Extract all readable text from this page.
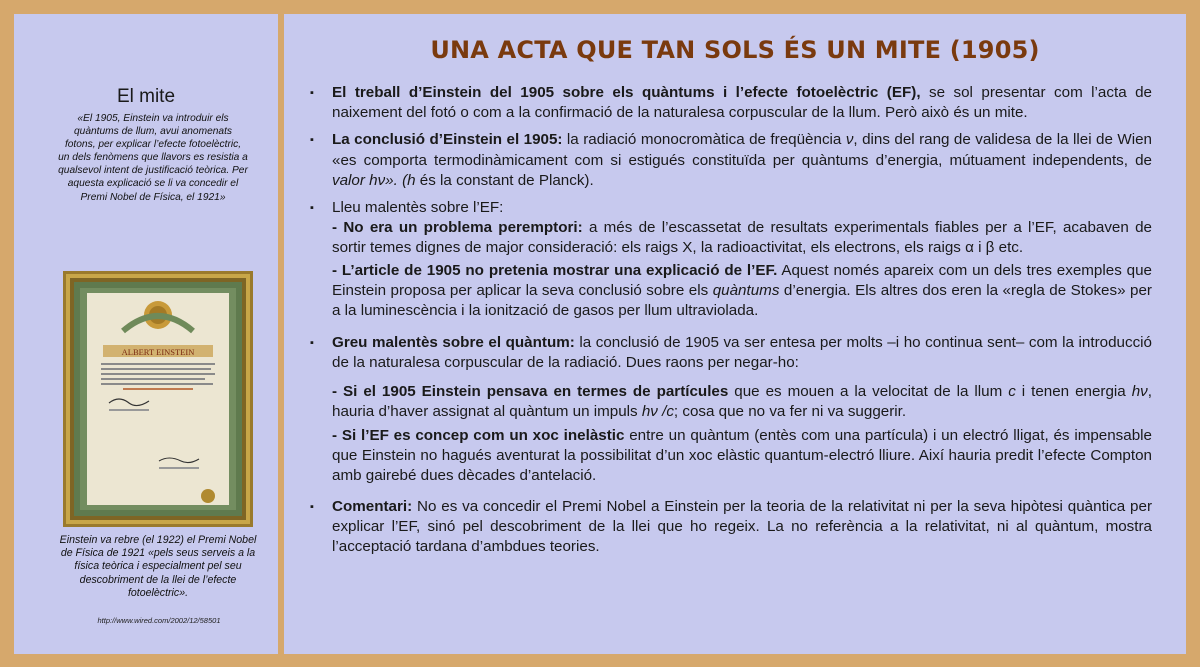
El mite
«El 1905, Einstein va introduir els quàntums de llum, avui anomenats fotons, per explicar l’efecte fotoelèctric, un dels fenòmens que llavors es resistia a qualsevol intent de justificació teòrica. Per aquesta explicació se li va concedir el Premi Nobel de Física, el 1921»
ALBERT EINSTEIN
Einstein va rebre (el 1922) el Premi Nobel de Física de 1921 «pels seus serveis a la física teòrica i especialment pel seu descobriment de la llei de l’efecte fotoelèctric».
http://www.wired.com/2002/12/58501
UNA ACTA QUE TAN SOLS ÉS UN MITE (1905)
▪ El treball d’Einstein del 1905 sobre els quàntums i l’efecte fotoelèctric (EF), se sol presentar com l’acta de naixement del fotó o com a la confirmació de la naturalesa corpuscular de la llum. Però això és un mite.

▪ La conclusió d’Einstein el 1905: la radiació monocromàtica de freqüència ν, dins del rang de validesa de la llei de Wien «es comporta termodinàmicament com si estigués constituïda per quàntums d’energia, mútuament independents, de valor hν». (h és la constant de Planck).

▪ Lleu malentès sobre l’EF:

- No era un problema peremptori: a més de l’escassetat de resultats experimentals fiables per a l’EF, acabaven de sortir temes dignes de major consideració: els raigs X, la radioactivitat, els electrons, els raigs α i β etc.

- L’article de 1905 no pretenia mostrar una explicació de l’EF. Aquest només apareix com un dels tres exemples que Einstein proposa per aplicar la seva conclusió sobre els quàntums d’energia. Els altres dos eren la «regla de Stokes» per a la luminescència i la ionització de gasos per llum ultraviolada.

▪ Greu malentès sobre el quàntum: la conclusió de 1905 va ser entesa per molts –i ho continua sent– com la introducció de la naturalesa corpuscular de la radiació. Dues raons per negar-ho:

- Si el 1905 Einstein pensava en termes de partícules que es mouen a la velocitat de la llum c i tenen energia hν, hauria d’haver assignat al quàntum un impuls hν /c; cosa que no va fer ni va suggerir.

- Si l’EF es concep com un xoc inelàstic entre un quàntum (entès com una partícula) i un electró lligat, és impensable que Einstein no hagués aventurat la possibilitat d’un xoc elàstic quantum-electró lliure. Així hauria predit l’efecte Compton amb gairebé dues dècades d’antelació.

▪ Comentari: No es va concedir el Premi Nobel a Einstein per la teoria de la relativitat ni per la seva hipòtesi quàntica per explicar l’EF, sinó pel descobriment de la llei que ho regeix. La no referència a la relativitat, ni al quàntum, mostra l’acceptació tardana d’ambdues teories.
